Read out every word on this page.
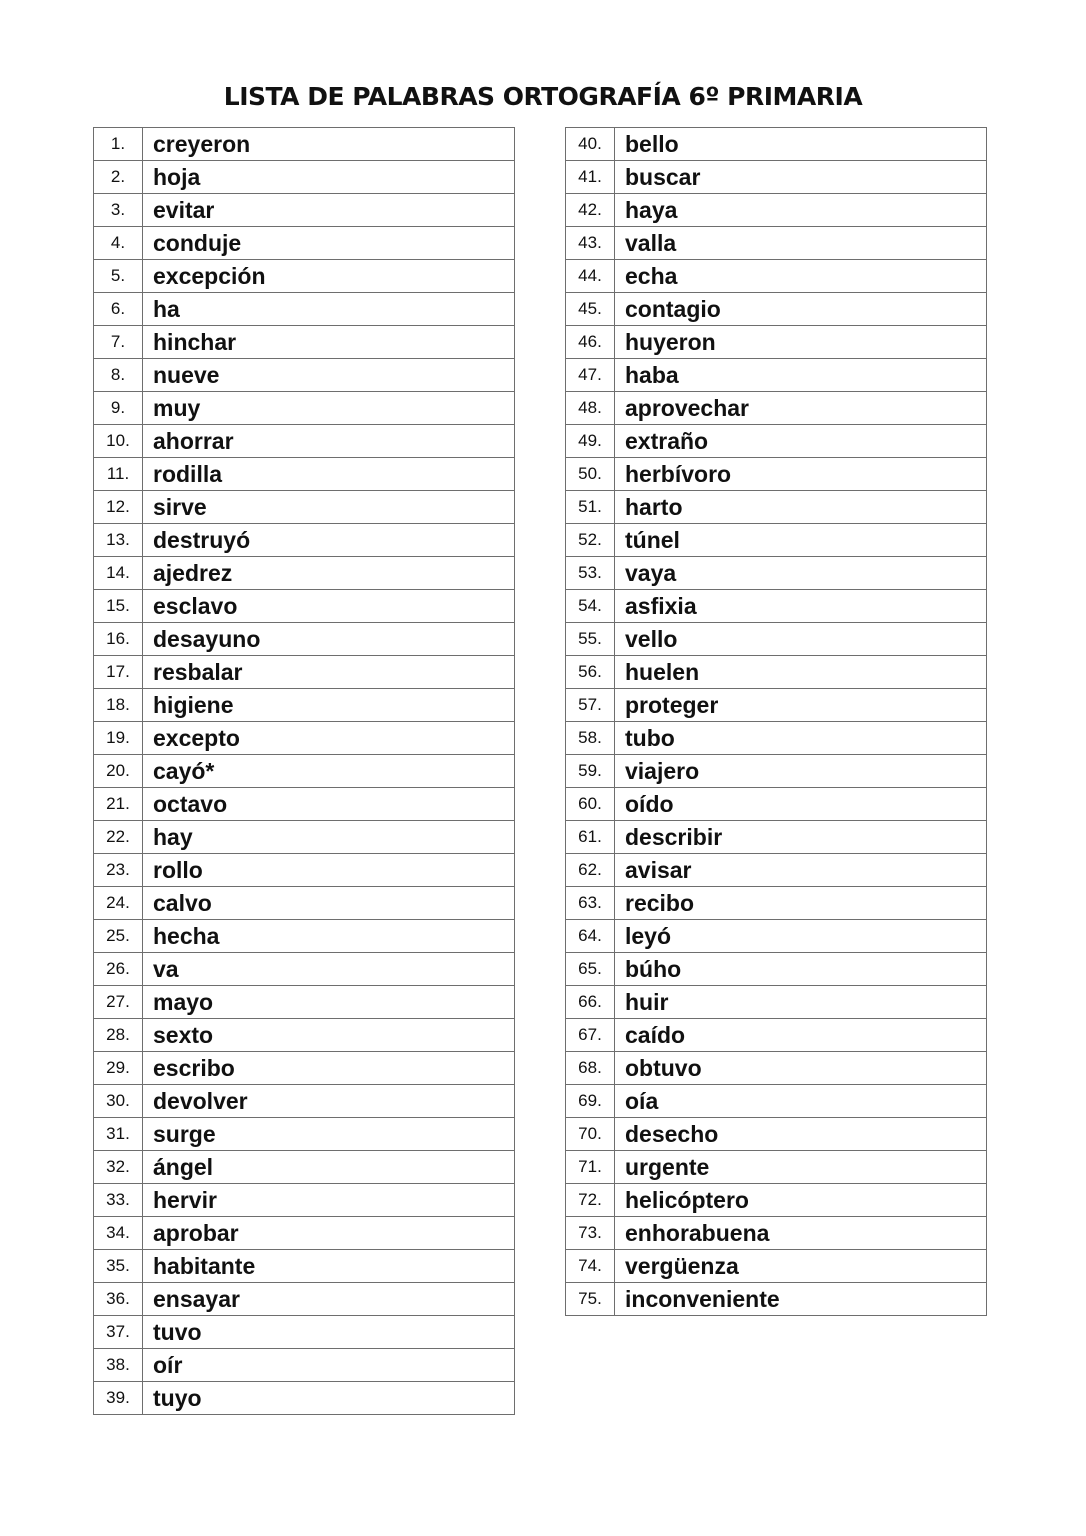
LISTA DE PALABRAS ORTOGRAFÍA 6º PRIMARIA
1.	creyeron
2.	hoja
3.	evitar
4.	conduje
5.	excepción
6.	ha
7.	hinchar
8.	nueve
9.	muy
10.	ahorrar
11.	rodilla
12.	sirve
13.	destruyó
14.	ajedrez
15.	esclavo
16.	desayuno
17.	resbalar
18.	higiene
19.	excepto
20.	cayó*
21.	octavo
22.	hay
23.	rollo
24.	calvo
25.	hecha
26.	va
27.	mayo
28.	sexto
29.	escribo
30.	devolver
31.	surge
32.	ángel
33.	hervir
34.	aprobar
35.	habitante
36.	ensayar
37.	tuvo
38.	oír
39.	tuyo
40.	bello
41.	buscar
42.	haya
43.	valla
44.	echa
45.	contagio
46.	huyeron
47.	haba
48.	aprovechar
49.	extraño
50.	herbívoro
51.	harto
52.	túnel
53.	vaya
54.	asfixia
55.	vello
56.	huelen
57.	proteger
58.	tubo
59.	viajero
60.	oído
61.	describir
62.	avisar
63.	recibo
64.	leyó
65.	búho
66.	huir
67.	caído
68.	obtuvo
69.	oía
70.	desecho
71.	urgente
72.	helicóptero
73.	enhorabuena
74.	vergüenza
75.	inconveniente
